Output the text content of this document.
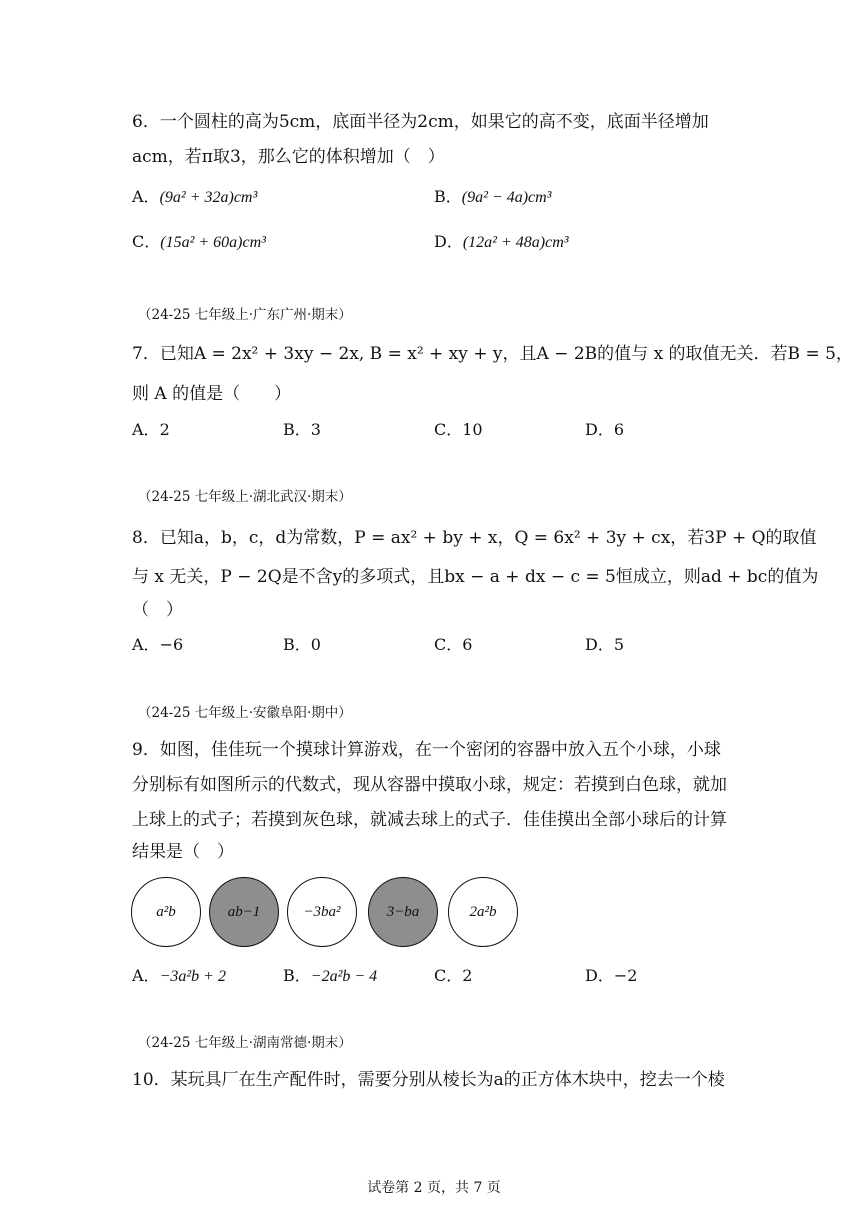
6．一个圆柱的高为5cm，底面半径为2cm，如果它的高不变，底面半径增加
acm，若π取3，那么它的体积增加（　）
A．(9a² + 32a)cm³	B．(9a² − 4a)cm³
C．(15a² + 60a)cm³	D．(12a² + 48a)cm³
（24-25 七年级上·广东广州·期末）
7．已知A = 2x² + 3xy − 2x, B = x² + xy + y，且A − 2B的值与 x 的取值无关．若B = 5，
则 A 的值是（　　）
A．2	B．3	C．10	D．6
（24-25 七年级上·湖北武汉·期末）
8．已知a，b，c，d为常数，P = ax² + by + x，Q = 6x² + 3y + cx，若3P + Q的取值
与 x 无关，P − 2Q是不含y的多项式，且bx − a + dx − c = 5恒成立，则ad + bc的值为
（　）
A．−6	B．0	C．6	D．5
（24-25 七年级上·安徽阜阳·期中）
9．如图，佳佳玩一个摸球计算游戏，在一个密闭的容器中放入五个小球，小球
分别标有如图所示的代数式，现从容器中摸取小球，规定：若摸到白色球，就加
上球上的式子；若摸到灰色球，就减去球上的式子．佳佳摸出全部小球后的计算
结果是（　）
a²b	ab−1	−3ba²	3−ba	2a²b
A．−3a²b + 2	B．−2a²b − 4	C．2	D．−2
（24-25 七年级上·湖南常德·期末）
10．某玩具厂在生产配件时，需要分别从棱长为a的正方体木块中，挖去一个棱
试卷第 2 页，共 7 页
